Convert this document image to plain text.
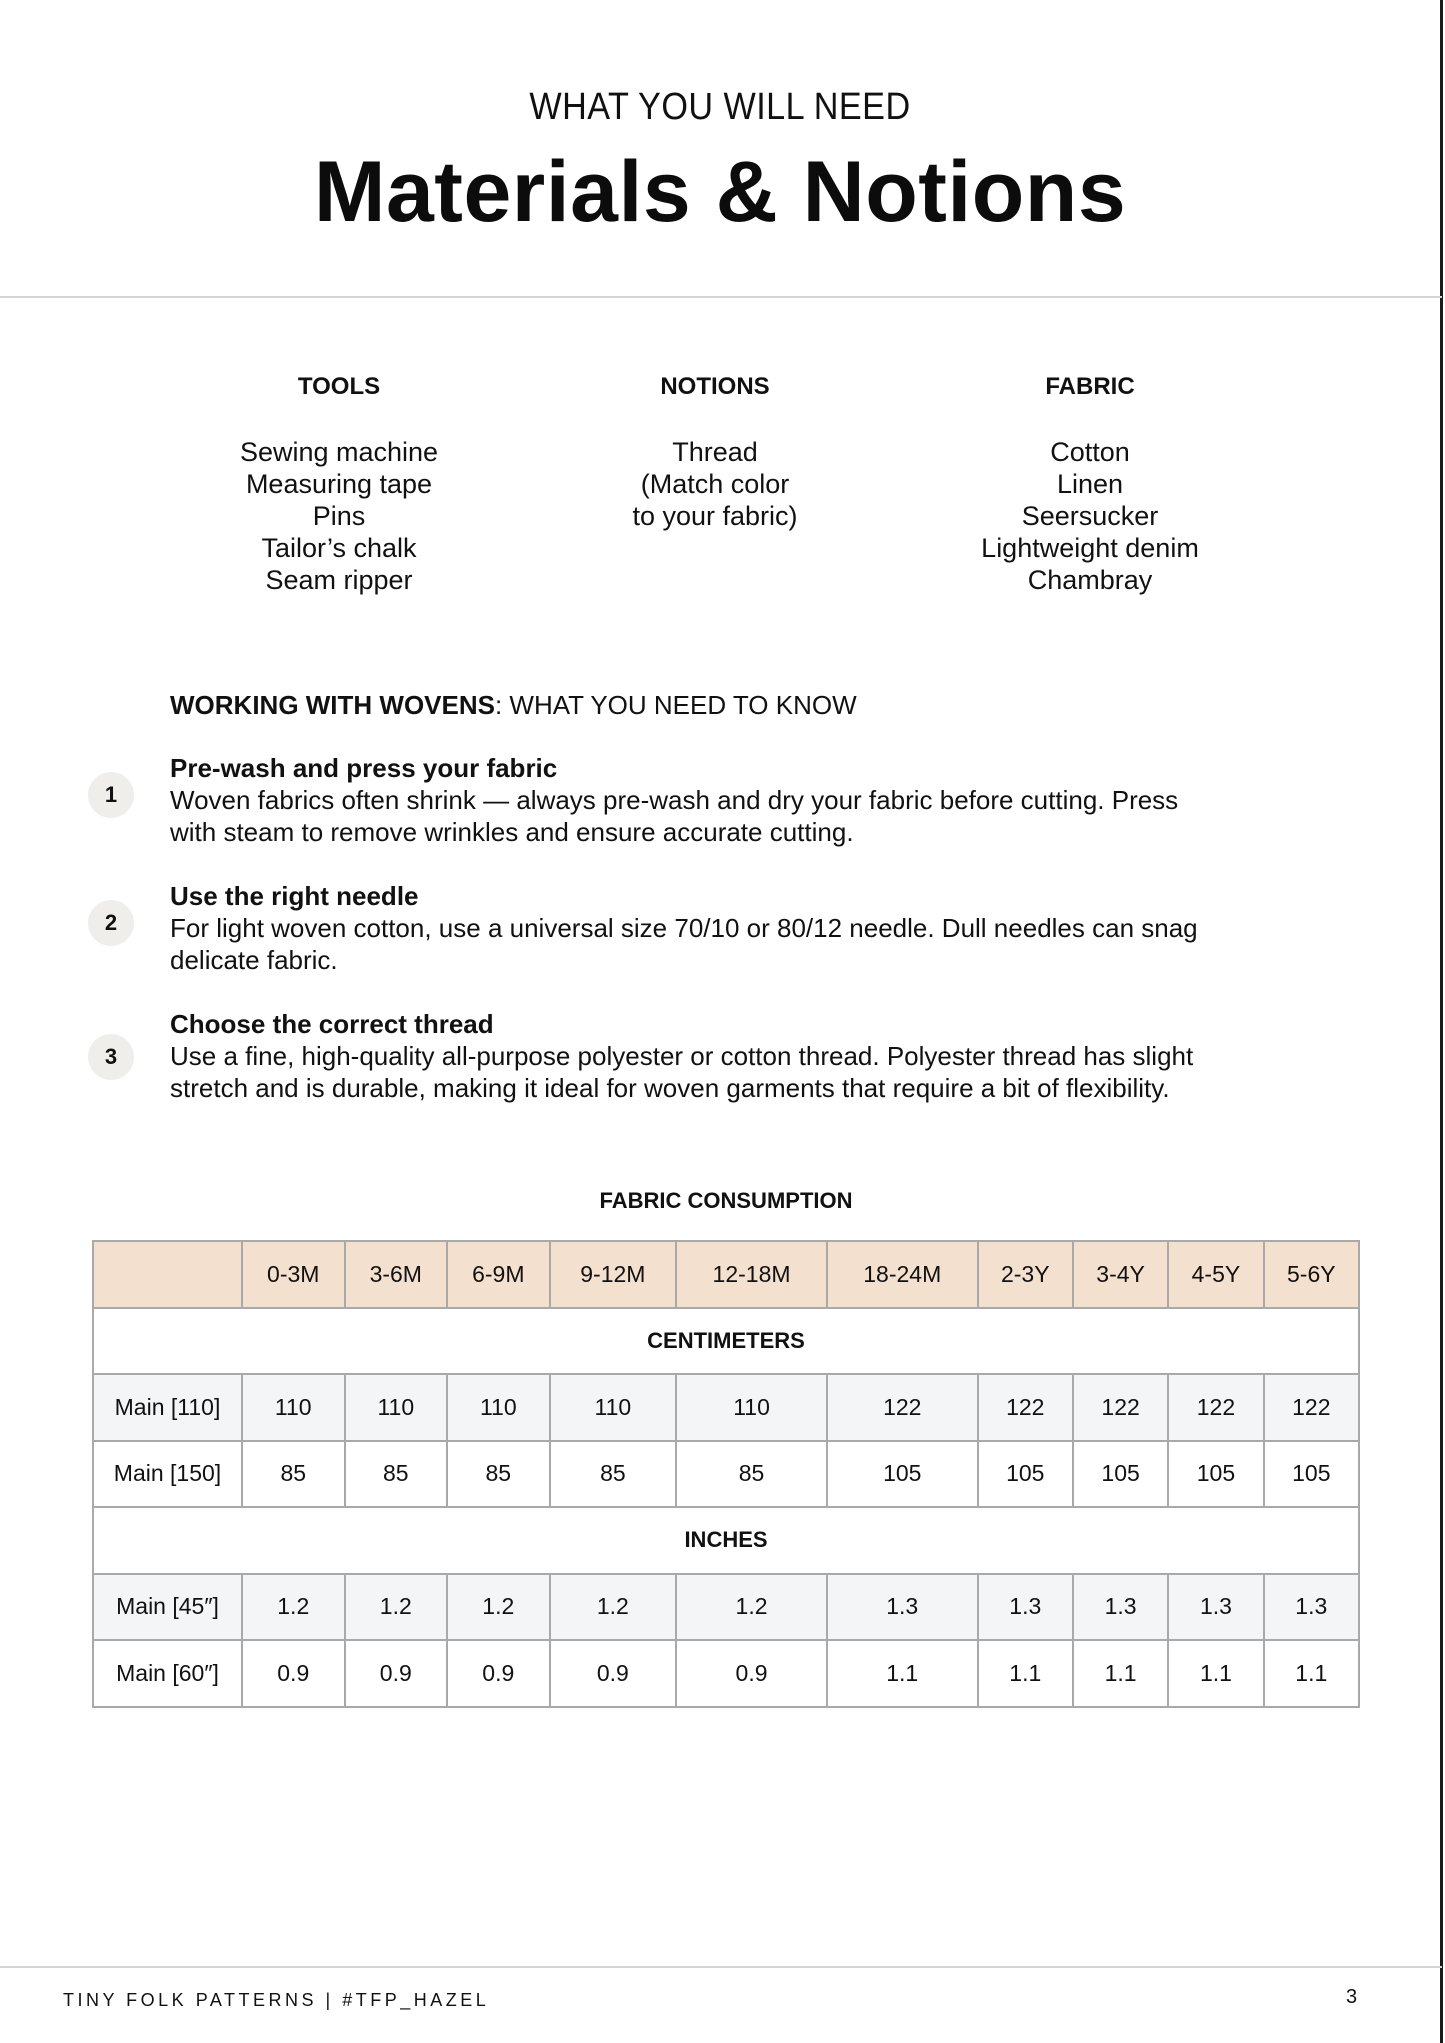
WHAT YOU WILL NEED
Materials & Notions
TOOLS
Sewing machine
Measuring tape
Pins
Tailor’s chalk
Seam ripper
NOTIONS
Thread
(Match color
to your fabric)
FABRIC
Cotton
Linen
Seersucker
Lightweight denim
Chambray
WORKING WITH WOVENS: WHAT YOU NEED TO KNOW
1
Pre-wash and press your fabric
Woven fabrics often shrink — always pre-wash and dry your fabric before cutting. Press
with steam to remove wrinkles and ensure accurate cutting.
2
Use the right needle
For light woven cotton, use a universal size 70/10 or 80/12 needle. Dull needles can snag
delicate fabric.
3
Choose the correct thread
Use a fine, high-quality all-purpose polyester or cotton thread. Polyester thread has slight
stretch and is durable, making it ideal for woven garments that require a bit of flexibility.
FABRIC CONSUMPTION
	0-3M	3-6M	6-9M	9-12M	12-18M	18-24M	2-3Y	3-4Y	4-5Y	5-6Y
CENTIMETERS										
Main [110]	110	110	110	110	110	122	122	122	122	122
Main [150]	85	85	85	85	85	105	105	105	105	105
INCHES										
Main [45″]	1.2	1.2	1.2	1.2	1.2	1.3	1.3	1.3	1.3	1.3
Main [60″]	0.9	0.9	0.9	0.9	0.9	1.1	1.1	1.1	1.1	1.1
TINY FOLK PATTERNS | #TFP_HAZEL	3
